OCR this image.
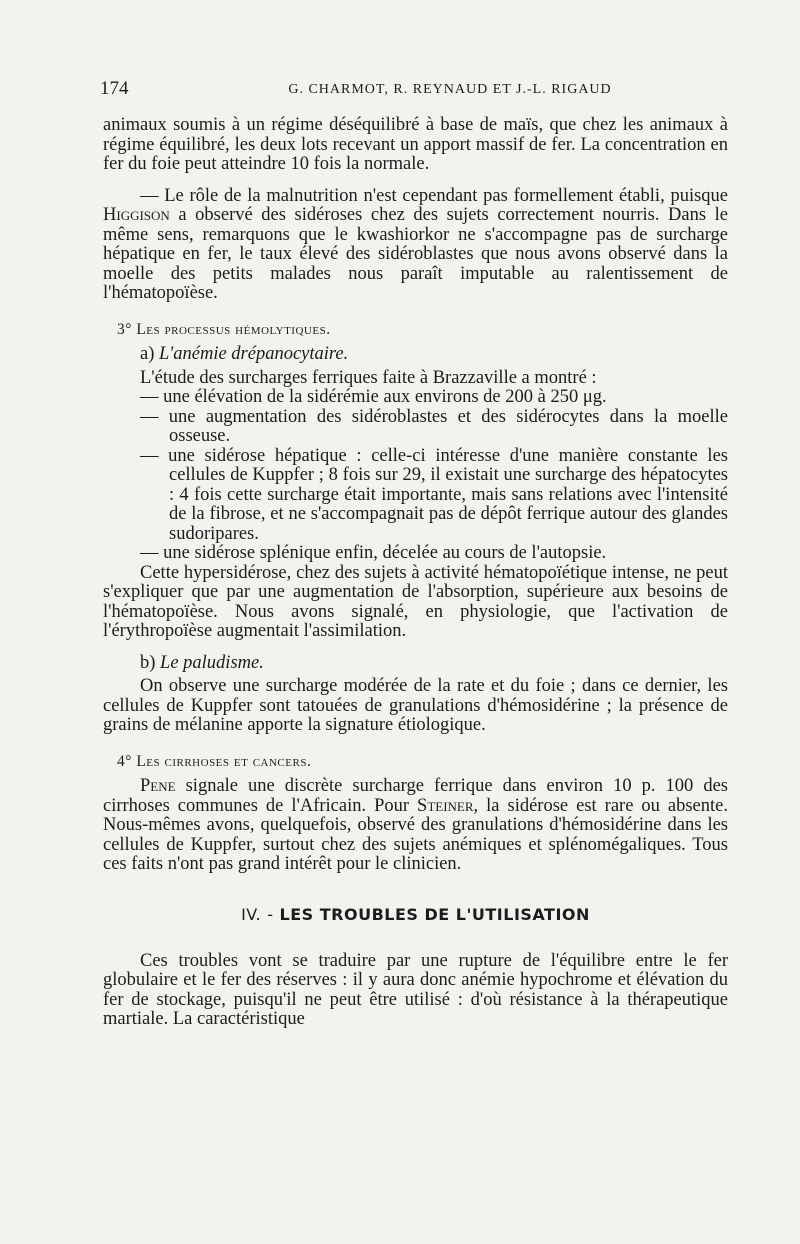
174	G. CHARMOT, R. REYNAUD ET J.-L. RIGAUD

animaux soumis à un régime déséquilibré à base de maïs, que chez les animaux à régime équilibré, les deux lots recevant un apport massif de fer. La concentration en fer du foie peut atteindre 10 fois la normale.

— Le rôle de la malnutrition n'est cependant pas formellement établi, puisque Higgison a observé des sidéroses chez des sujets correctement nourris. Dans le même sens, remarquons que le kwashiorkor ne s'accompagne pas de surcharge hépatique en fer, le taux élevé des sidéroblastes que nous avons observé dans la moelle des petits malades nous paraît imputable au ralentissement de l'hématopoïèse.

3° Les processus hémolytiques.

a) L'anémie drépanocytaire.

L'étude des surcharges ferriques faite à Brazzaville a montré :

— une élévation de la sidérémie aux environs de 200 à 250 μg.

— une augmentation des sidéroblastes et des sidérocytes dans la moelle osseuse.

— une sidérose hépatique : celle-ci intéresse d'une manière constante les cellules de Kuppfer ; 8 fois sur 29, il existait une surcharge des hépatocytes : 4 fois cette surcharge était importante, mais sans relations avec l'intensité de la fibrose, et ne s'accompagnait pas de dépôt ferrique autour des glandes sudoripares.

— une sidérose splénique enfin, décelée au cours de l'autopsie.

Cette hypersidérose, chez des sujets à activité hématopoïétique intense, ne peut s'expliquer que par une augmentation de l'absorption, supérieure aux besoins de l'hématopoïèse. Nous avons signalé, en physiologie, que l'activation de l'érythropoïèse augmentait l'assimilation.

b) Le paludisme.

On observe une surcharge modérée de la rate et du foie ; dans ce dernier, les cellules de Kuppfer sont tatouées de granulations d'hémosidérine ; la présence de grains de mélanine apporte la signature étiologique.

4° Les cirrhoses et cancers.

Pene signale une discrète surcharge ferrique dans environ 10 p. 100 des cirrhoses communes de l'Africain. Pour Steiner, la sidérose est rare ou absente. Nous-mêmes avons, quelquefois, observé des granulations d'hémosidérine dans les cellules de Kuppfer, surtout chez des sujets anémiques et splénomégaliques. Tous ces faits n'ont pas grand intérêt pour le clinicien.

IV. - LES TROUBLES DE L'UTILISATION

Ces troubles vont se traduire par une rupture de l'équilibre entre le fer globulaire et le fer des réserves : il y aura donc anémie hypochrome et élévation du fer de stockage, puisqu'il ne peut être utilisé : d'où résistance à la thérapeutique martiale. La caractéristique
